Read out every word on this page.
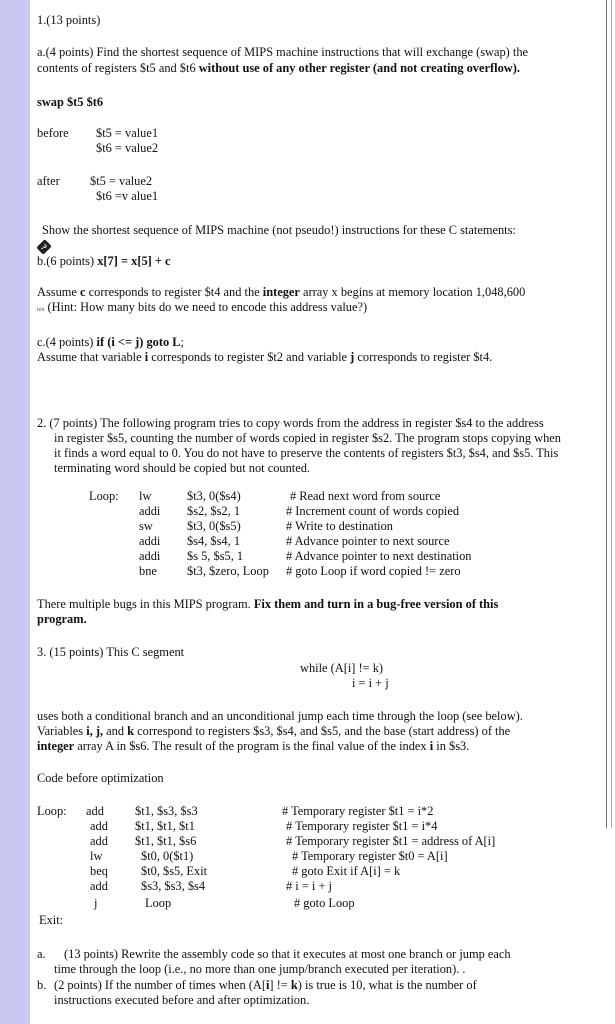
1.(13 points)
a.(4 points) Find the shortest sequence of MIPS machine instructions that will exchange (swap) the
contents of registers $t5 and $t6 without use of any other register (and not creating overflow).
swap $t5 $t6
before $t5 = value1
$t6 = value2
after $t5 = value2
$t6 =v alue1
Show the shortest sequence of MIPS machine (not pseudo!) instructions for these C statements:
?
b.(6 points) x[7] = x[5] + c
Assume c corresponds to register $t4 and the integer array x begins at memory location 1,048,600
ten (Hint: How many bits do we need to encode this address value?)
c.(4 points) if (i <= j) goto L;
Assume that variable i corresponds to register $t2 and variable j corresponds to register $t4.
2. (7 points) The following program tries to copy words from the address in register $s4 to the address
in register $s5, counting the number of words copied in register $s2. The program stops copying when
it finds a word equal to 0. You do not have to preserve the contents of registers $t3, $s4, and $s5. This
terminating word should be copied but not counted.
Loop: lw	$t3, 0($s4)	# Read next word from source
addi $s2, $s2, 1	# Increment count of words copied
sw	$t3, 0($s5)	# Write to destination
addi $s4, $s4, 1	# Advance pointer to next source
addi $s 5, $s5, 1	# Advance pointer to next destination
bne $t3, $zero, Loop # goto Loop if word copied != zero
There multiple bugs in this MIPS program. Fix them and turn in a bug-free version of this
program.
3. (15 points) This C segment
while (A[i] != k)
i = i + j
uses both a conditional branch and an unconditional jump each time through the loop (see below).
Variables i, j, and k correspond to registers $s3, $s4, and $s5, and the base (start address) of the
integer array A in $s6. The result of the program is the final value of the index i in $s3.
Code before optimization
Loop: add	$t1, $s3, $s3	# Temporary register $t1 = i*2
add $t1, $t1, $t1	# Temporary register $t1 = i*4
add $t1, $t1, $s6	# Temporary register $t1 = address of A[i]
lw	$t0, 0($t1)	# Temporary register $t0 = A[i]
beq	$t0, $s5, Exit	# goto Exit if A[i] = k
add	$s3, $s3, $s4	# i = i + j
j	Loop	# goto Loop
Exit:
a. (13 points) Rewrite the assembly code so that it executes at most one branch or jump each
time through the loop (i.e., no more than one jump/branch executed per iteration). .
b. (2 points) If the number of times when (A[i] != k) is true is 10, what is the number of
instructions executed before and after optimization.
